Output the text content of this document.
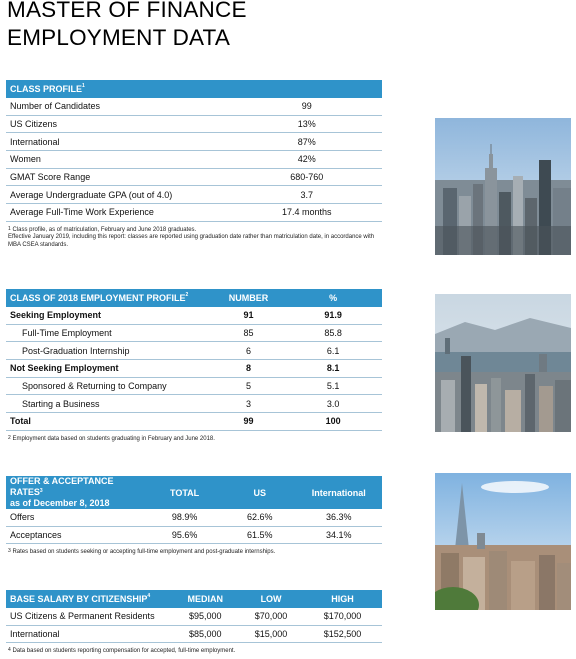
MASTER OF FINANCE
EMPLOYMENT DATA
CLASS PROFILE$^1$
Number of Candidates	99
US Citizens	13%
International	87%
Women	42%
GMAT Score Range	680-760
Average Undergraduate GPA (out of 4.0)	3.7
Average Full-Time Work Experience	17.4 months
$^1$ Class profile, as of matriculation, February and June 2018 graduates.
Effective January 2019, including this report: classes are reported using graduation date rather than matriculation date, in accordance with MBA CSEA standards.
CLASS OF 2018 EMPLOYMENT PROFILE$^2$	NUMBER	%
Seeking Employment	91	91.9
Full-Time Employment	85	85.8
Post-Graduation Internship	6	6.1
Not Seeking Employment	8	8.1
Sponsored & Returning to Company	5	5.1
Starting a Business	3	3.0
Total	99	100
$^2$ Employment data based on students graduating in February and June 2018.
OFFER & ACCEPTANCE RATES$^3$
as of December 8, 2018	TOTAL	US	International
Offers	98.9%	62.6%	36.3%
Acceptances	95.6%	61.5%	34.1%
$^3$ Rates based on students seeking or accepting full-time employment and post-graduate internships.
BASE SALARY BY CITIZENSHIP$^4$	MEDIAN	LOW	HIGH
US Citizens & Permanent Residents	$95,000	$70,000	$170,000
International	$85,000	$15,000	$152,500
$^4$ Data based on students reporting compensation for accepted, full-time employment.
